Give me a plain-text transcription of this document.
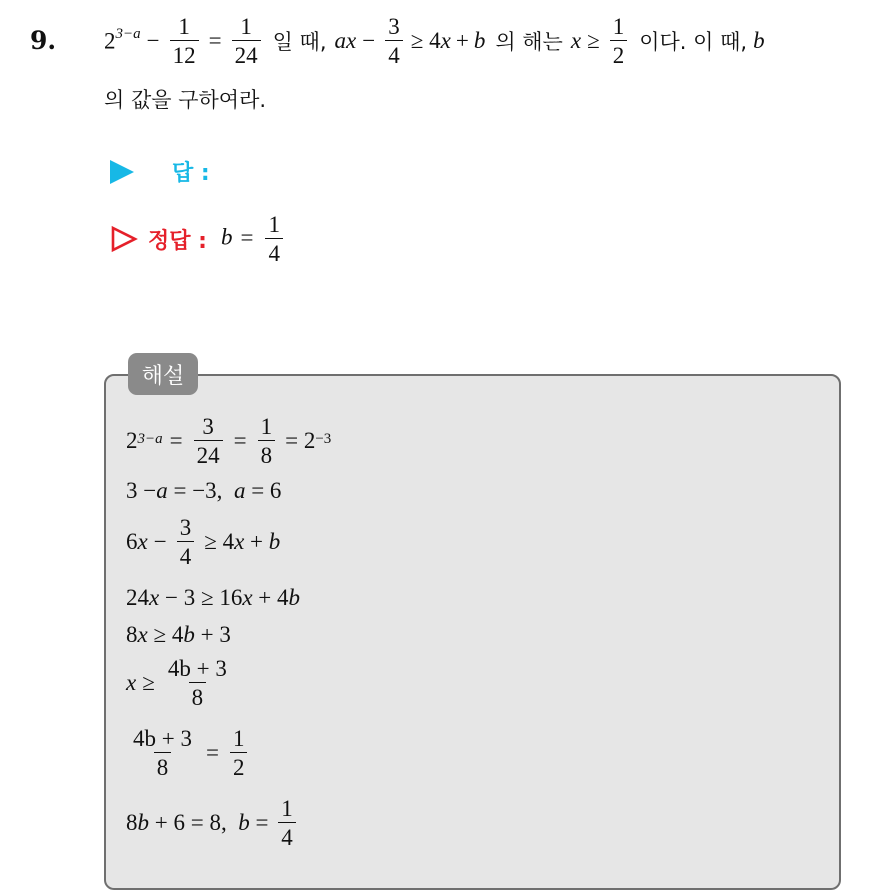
9. $2^{3-a} - \frac{1}{12} = \frac{1}{24}$ 일 때, ax − $\frac{3}{4} \ge 4x + b$ 의 해는 $x \ge \frac{1}{2}$ 이다. 이 때, b
의 값을 구하여라.
답 :
정답 : $b = \frac{1}{4}$
해설
$2^{3-a} = \frac{3}{24} = \frac{1}{8} = 2^{-3}$
3 − a = −3, a = 6
6 $x - \frac{3}{4} \ge 4$ x + b
24 x − 3 ≥ 16 x + 4 b
8 x ≥ 4 b + 3
$x \ge \frac{4b + 3}{8}$
$\frac{4b + 3}{8} = \frac{1}{2}$
8 b + 6 = 8, $b = \frac{1}{4}$
